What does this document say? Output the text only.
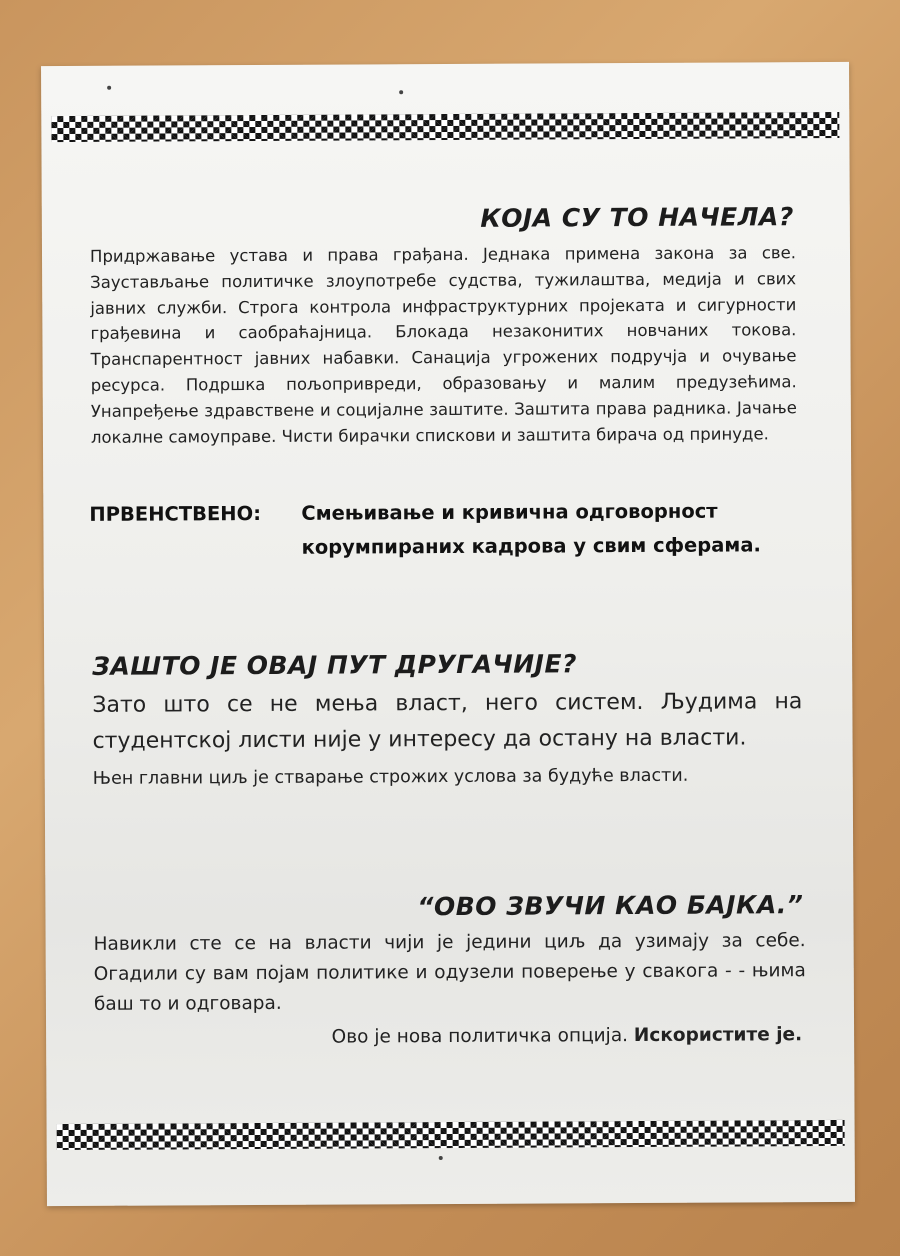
КОЈА СУ ТО НАЧЕЛА?
Придржавање устава и права грађана. Једнака примена закона за све. Заустављање политичке злоупотребе судства, тужилаштва, медија и свих јавних служби. Строга контрола инфраструктурних пројеката и сигурности грађевина и саобраћајница. Блокада незаконитих новчаних токова. Транспарентност јавних набавки. Санација угрожених подручја и очување ресурса. Подршка пољопривреди, образовању и малим предузећима. Унапређење здравствене и социјалне заштите. Заштита права радника. Јачање локалне самоуправе. Чисти бирачки спискови и заштита бирача од принуде.
ПРВЕНСТВЕНО: Смењивање и кривична одговорност
корумпираних кадрова у свим сферама.
ЗАШТО ЈЕ ОВАЈ ПУТ ДРУГАЧИЈЕ?
Зато што се не мења власт, него систем. Људима на студентској листи није у интересу да остану на власти.
Њен главни циљ је стварање строжих услова за будуће власти.
“ОВО ЗВУЧИ КАО БАЈКА.”
Навикли сте се на власти чији је једини циљ да узимају за себе. Огадили су вам појам политике и одузели поверење у свакога - - њима баш то и одговара.
Ово је нова политичка опција. Искористите је.
